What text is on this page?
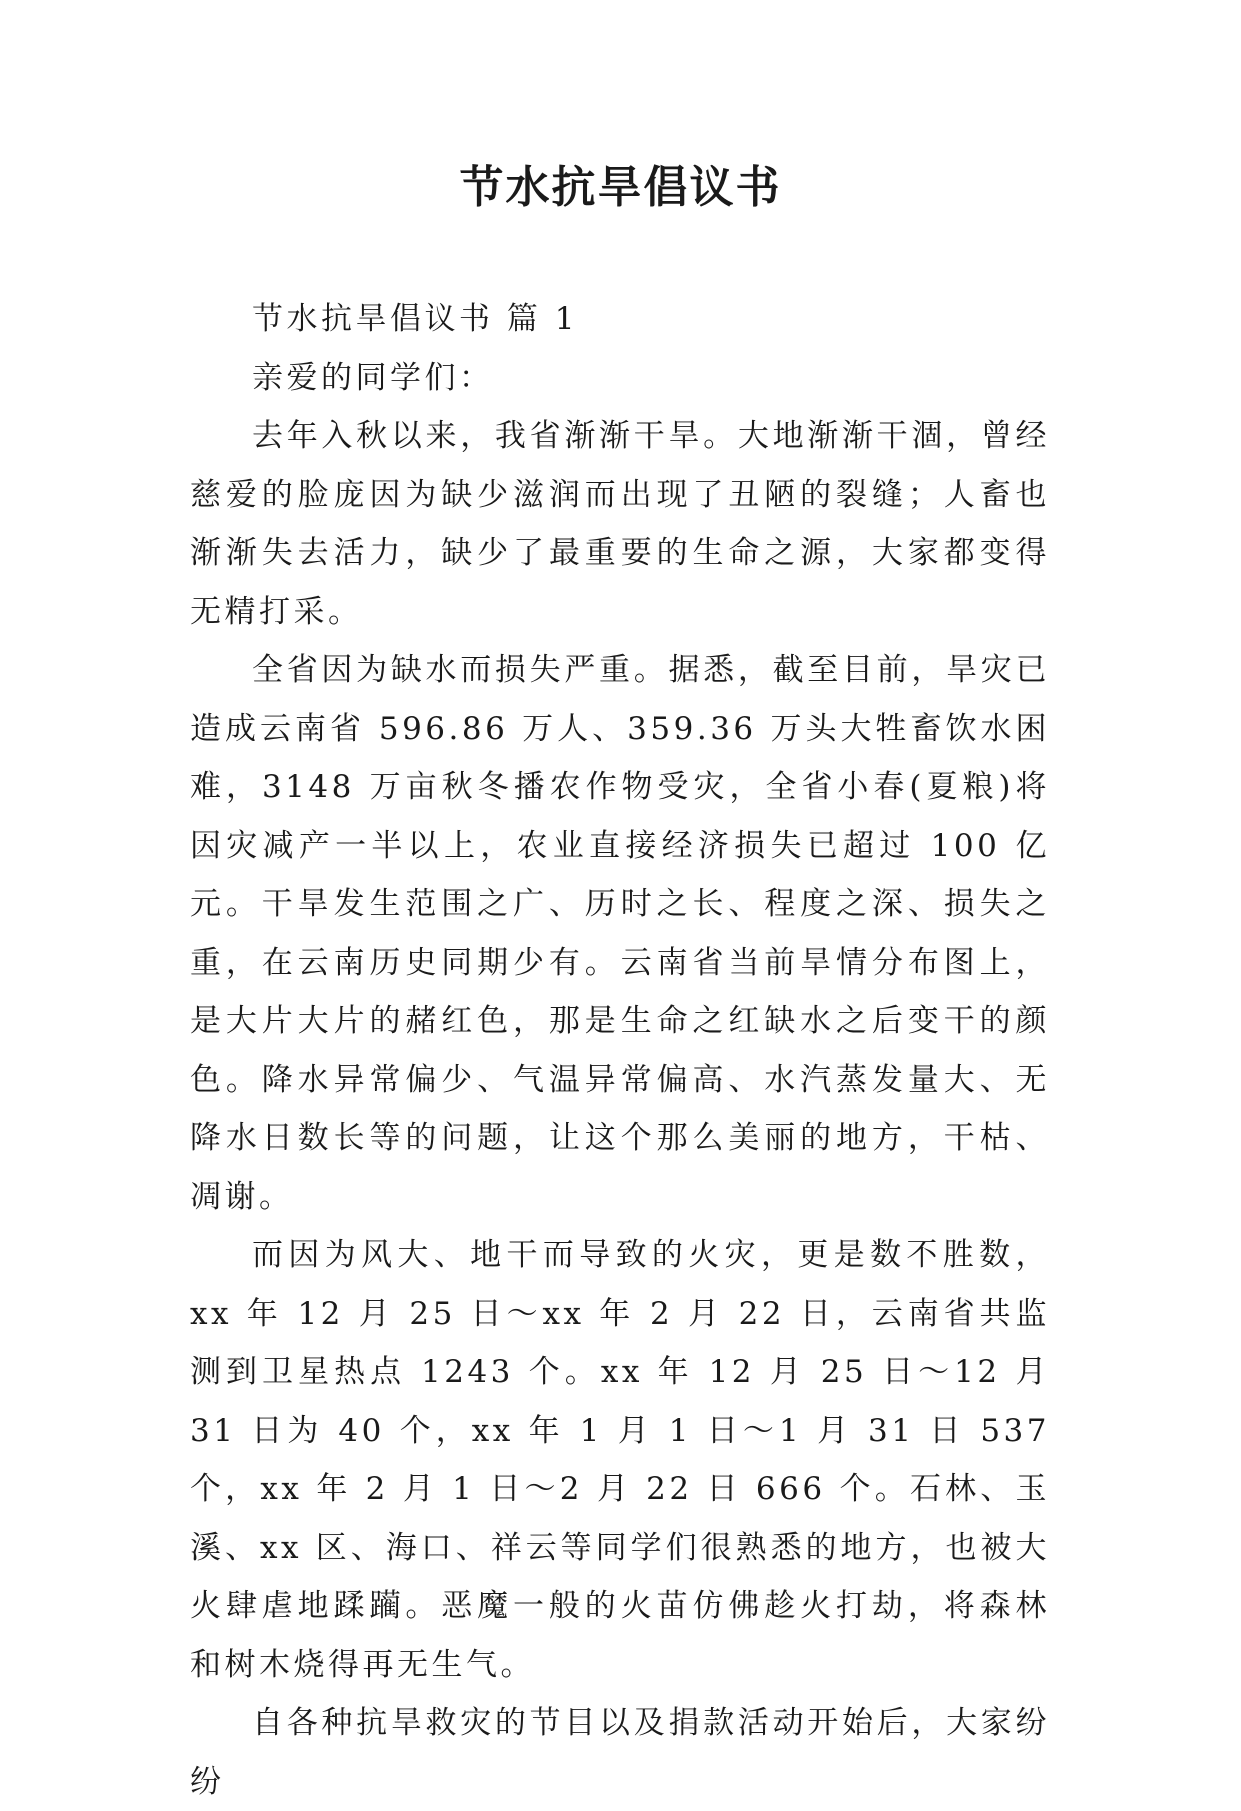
节水抗旱倡议书

节水抗旱倡议书 篇 1

亲爱的同学们：

去年入秋以来，我省渐渐干旱。大地渐渐干涸，曾经慈爱的脸庞因为缺少滋润而出现了丑陋的裂缝；人畜也渐渐失去活力，缺少了最重要的生命之源，大家都变得无精打采。

全省因为缺水而损失严重。据悉，截至目前，旱灾已造成云南省 596.86 万人、359.36 万头大牲畜饮水困难，3148 万亩秋冬播农作物受灾，全省小春(夏粮)将因灾减产一半以上，农业直接经济损失已超过 100 亿元。干旱发生范围之广、历时之长、程度之深、损失之重，在云南历史同期少有。云南省当前旱情分布图上，是大片大片的赭红色，那是生命之红缺水之后变干的颜色。降水异常偏少、气温异常偏高、水汽蒸发量大、无降水日数长等的问题，让这个那么美丽的地方，干枯、凋谢。

而因为风大、地干而导致的火灾，更是数不胜数，xx 年 12 月 25 日～xx 年 2 月 22 日，云南省共监测到卫星热点 1243 个。xx 年 12 月 25 日～12 月 31 日为 40 个，xx 年 1 月 1 日～1 月 31 日 537 个，xx 年 2 月 1 日～2 月 22 日 666 个。石林、玉溪、xx 区、海口、祥云等同学们很熟悉的地方，也被大火肆虐地蹂躏。恶魔一般的火苗仿佛趁火打劫，将森林和树木烧得再无生气。

自各种抗旱救灾的节目以及捐款活动开始后，大家纷纷
